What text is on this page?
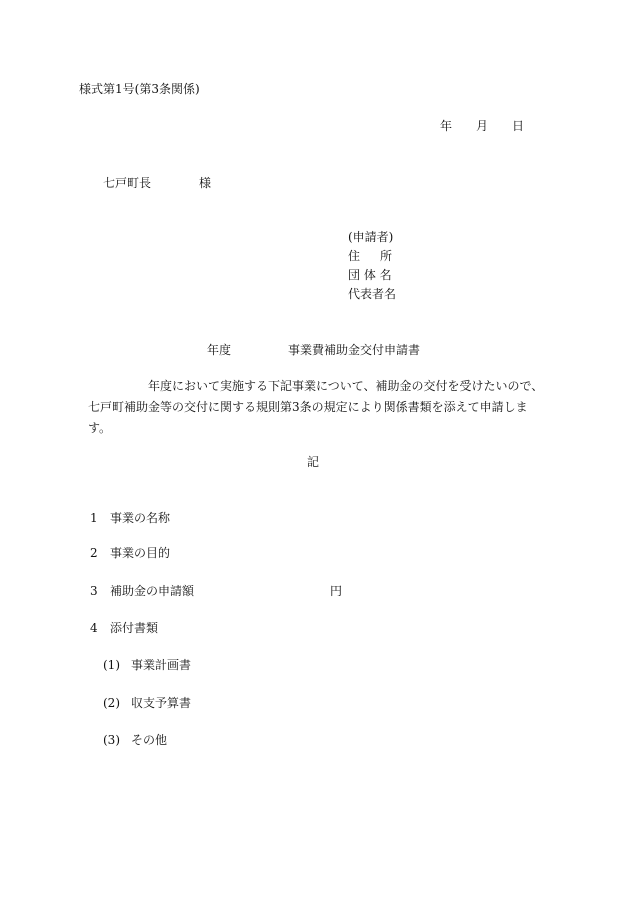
様式第1号(第3条関係)
年 月 日
七戸町長	様
(申請者)
住 所
団 体 名
代表者名
年度	事業費補助金交付申請書
年度において実施する下記事業について、補助金の交付を受けたいので、七戸町補助金等の交付に関する規則第3条の規定により関係書類を添えて申請します。
記
1 事業の名称
2 事業の目的
3 補助金の申請額	円
4 添付書類
(1) 事業計画書
(2) 収支予算書
(3) その他
